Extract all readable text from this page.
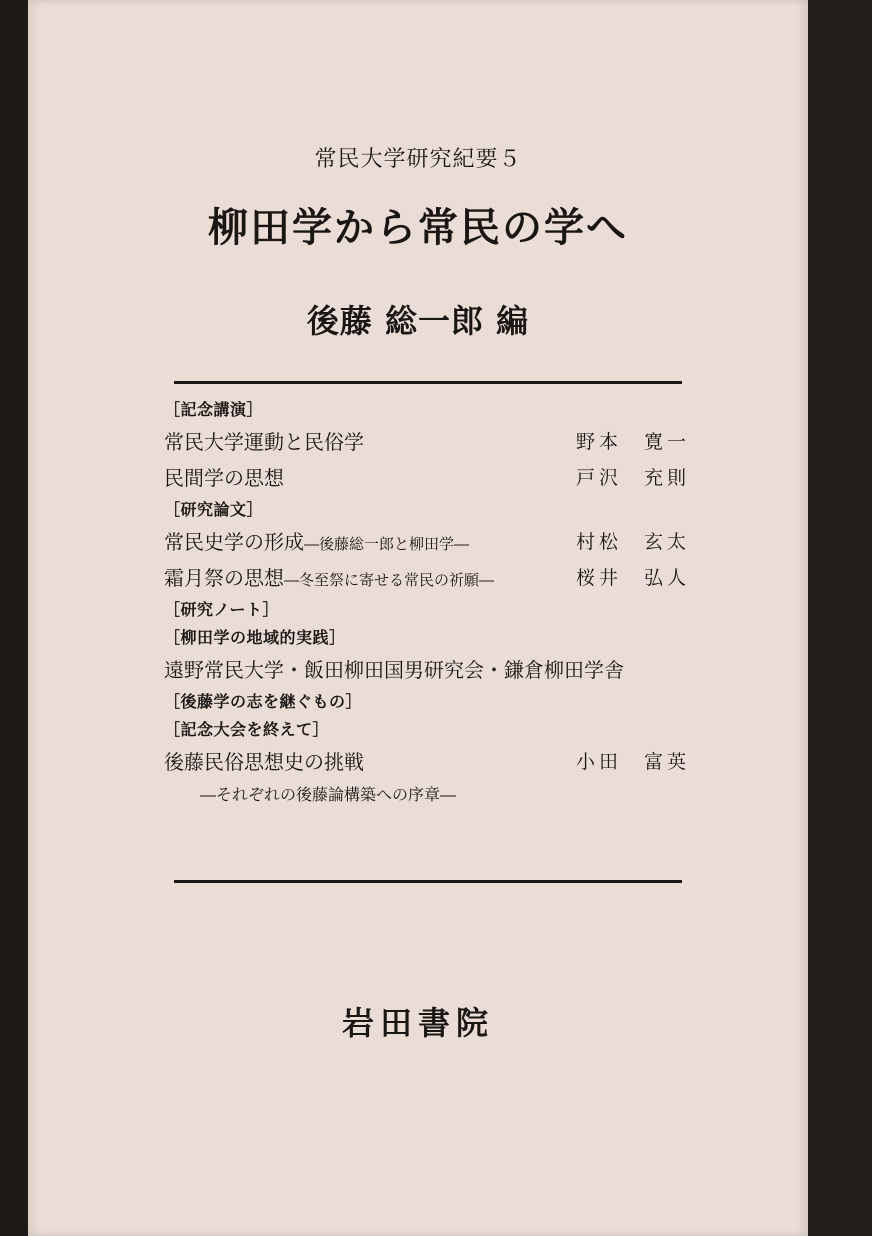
常民大学研究紀要５
柳田学から常民の学へ
後藤 総一郎 編
［記念講演］
常民大学運動と民俗学	野本 寛一
民間学の思想	戸沢 充則
［研究論文］
常民史学の形成―後藤総一郎と柳田学―	村松 玄太
霜月祭の思想―冬至祭に寄せる常民の祈願―	桜井 弘人
［研究ノート］
［柳田学の地域的実践］
遠野常民大学・飯田柳田国男研究会・鎌倉柳田学舎
［後藤学の志を継ぐもの］
［記念大会を終えて］
後藤民俗思想史の挑戦	小田 富英
―それぞれの後藤論構築への序章―
岩田書院
